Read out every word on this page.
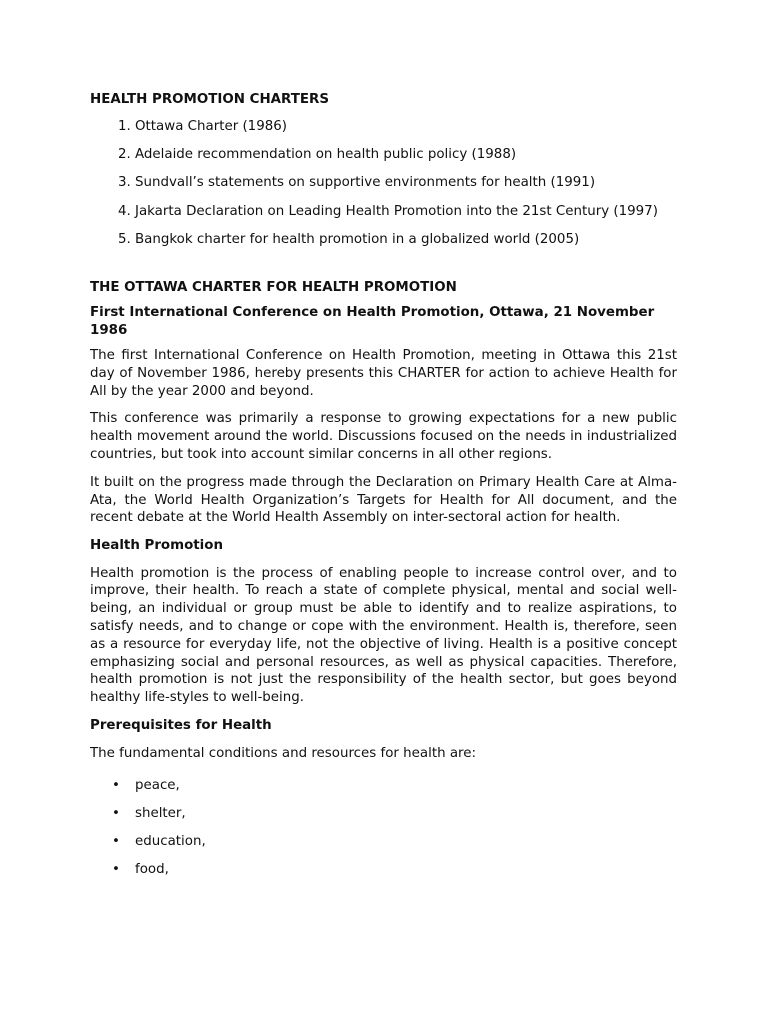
HEALTH PROMOTION CHARTERS
1. Ottawa Charter (1986)
2. Adelaide recommendation on health public policy (1988)
3. Sundvall’s statements on supportive environments for health (1991)
4. Jakarta Declaration on Leading Health Promotion into the 21st Century (1997)
5. Bangkok charter for health promotion in a globalized world (2005)
THE OTTAWA CHARTER FOR HEALTH PROMOTION
First International Conference on Health Promotion, Ottawa, 21 November 1986

The first International Conference on Health Promotion, meeting in Ottawa this 21st day of November 1986, hereby presents this CHARTER for action to achieve Health for All by the year 2000 and beyond.

This conference was primarily a response to growing expectations for a new public health movement around the world. Discussions focused on the needs in industrialized countries, but took into account similar concerns in all other regions.

It built on the progress made through the Declaration on Primary Health Care at Alma-Ata, the World Health Organization’s Targets for Health for All document, and the recent debate at the World Health Assembly on inter-sectoral action for health.

Health Promotion

Health promotion is the process of enabling people to increase control over, and to improve, their health. To reach a state of complete physical, mental and social well-being, an individual or group must be able to identify and to realize aspirations, to satisfy needs, and to change or cope with the environment. Health is, therefore, seen as a resource for everyday life, not the objective of living. Health is a positive concept emphasizing social and personal resources, as well as physical capacities. Therefore, health promotion is not just the responsibility of the health sector, but goes beyond healthy life-styles to well-being.

Prerequisites for Health

The fundamental conditions and resources for health are:

• peace,
• shelter,
• education,
• food,
